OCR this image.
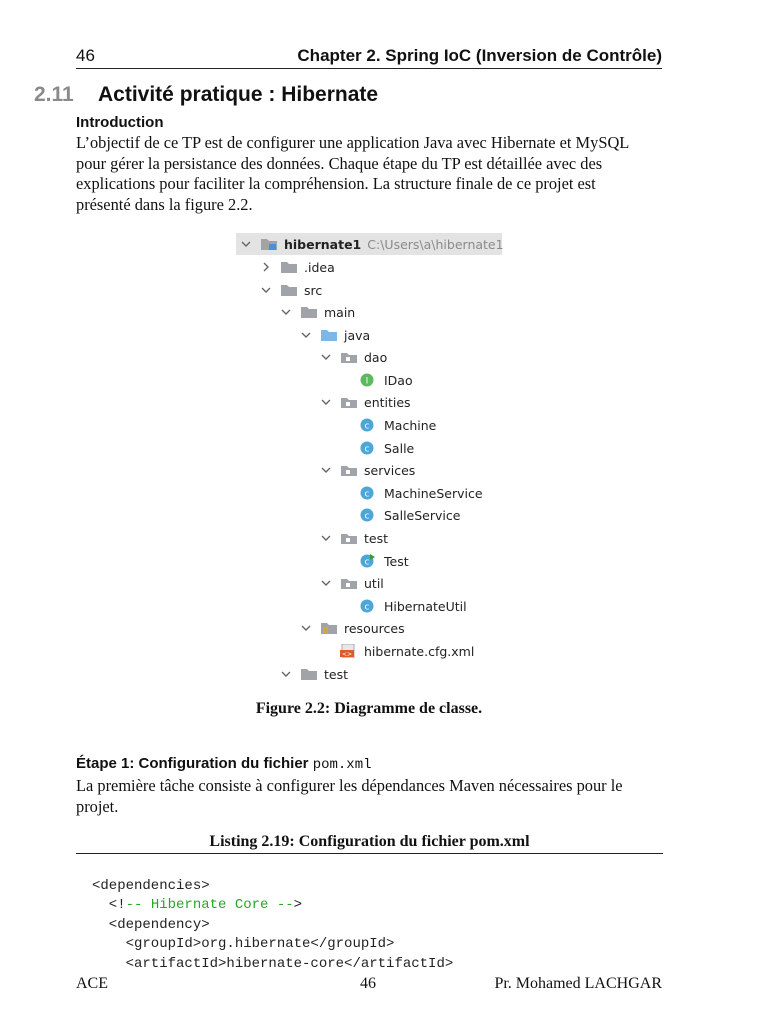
46	Chapter 2. Spring IoC (Inversion de Contrôle)
2.11 Activité pratique : Hibernate
Introduction
L’objectif de ce TP est de configurer une application Java avec Hibernate et MySQL
pour gérer la persistance des données. Chaque étape du TP est détaillée avec des
explications pour faciliter la compréhension. La structure finale de ce projet est
présenté dans la figure 2.2.
hibernate1 C:\Users\a\hibernate1
.idea
src
main
java
dao
I IDao
entities
c Machine
c Salle
services
c MachineService
c SalleService
test
c Test
util
c HibernateUtil
resources
<> hibernate.cfg.xml
test
Figure 2.2: Diagramme de classe.
Étape 1: Configuration du fichier pom.xml
La première tâche consiste à configurer les dépendances Maven nécessaires pour le
projet.
Listing 2.19: Configuration du fichier pom.xml

<dependencies>
<!-- Hibernate Core -->
<dependency>
<groupId>org.hibernate</groupId>
<artifactId>hibernate-core</artifactId>

ACE	46	Pr. Mohamed LACHGAR
